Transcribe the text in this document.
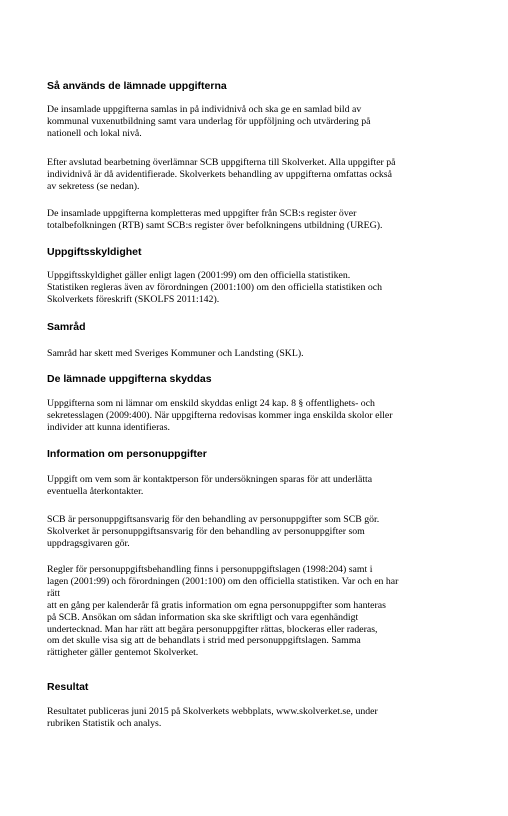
Så används de lämnade uppgifterna
De insamlade uppgifterna samlas in på individnivå och ska ge en samlad bild av
kommunal vuxenutbildning samt vara underlag för uppföljning och utvärdering på
nationell och lokal nivå.
Efter avslutad bearbetning överlämnar SCB uppgifterna till Skolverket. Alla uppgifter på
individnivå är då avidentifierade. Skolverkets behandling av uppgifterna omfattas också
av sekretess (se nedan).
De insamlade uppgifterna kompletteras med uppgifter från SCB:s register över
totalbefolkningen (RTB) samt SCB:s register över befolkningens utbildning (UREG).
Uppgiftsskyldighet
Uppgiftsskyldighet gäller enligt lagen (2001:99) om den officiella statistiken.
Statistiken regleras även av förordningen (2001:100) om den officiella statistiken och
Skolverkets föreskrift (SKOLFS 2011:142).
Samråd
Samråd har skett med Sveriges Kommuner och Landsting (SKL).
De lämnade uppgifterna skyddas
Uppgifterna som ni lämnar om enskild skyddas enligt 24 kap. 8 § offentlighets- och
sekretesslagen (2009:400). När uppgifterna redovisas kommer inga enskilda skolor eller
individer att kunna identifieras.
Information om personuppgifter
Uppgift om vem som är kontaktperson för undersökningen sparas för att underlätta
eventuella återkontakter.
SCB är personuppgiftsansvarig för den behandling av personuppgifter som SCB gör.
Skolverket är personuppgiftsansvarig för den behandling av personuppgifter som
uppdragsgivaren gör.
Regler för personuppgiftsbehandling finns i personuppgiftslagen (1998:204) samt i
lagen (2001:99) och förordningen (2001:100) om den officiella statistiken. Var och en har
rätt
att en gång per kalenderår få gratis information om egna personuppgifter som hanteras
på SCB. Ansökan om sådan information ska ske skriftligt och vara egenhändigt
undertecknad. Man har rätt att begära personuppgifter rättas, blockeras eller raderas,
om det skulle visa sig att de behandlats i strid med personuppgiftslagen. Samma
rättigheter gäller gentemot Skolverket.
Resultat
Resultatet publiceras juni 2015 på Skolverkets webbplats, www.skolverket.se, under
rubriken Statistik och analys.
